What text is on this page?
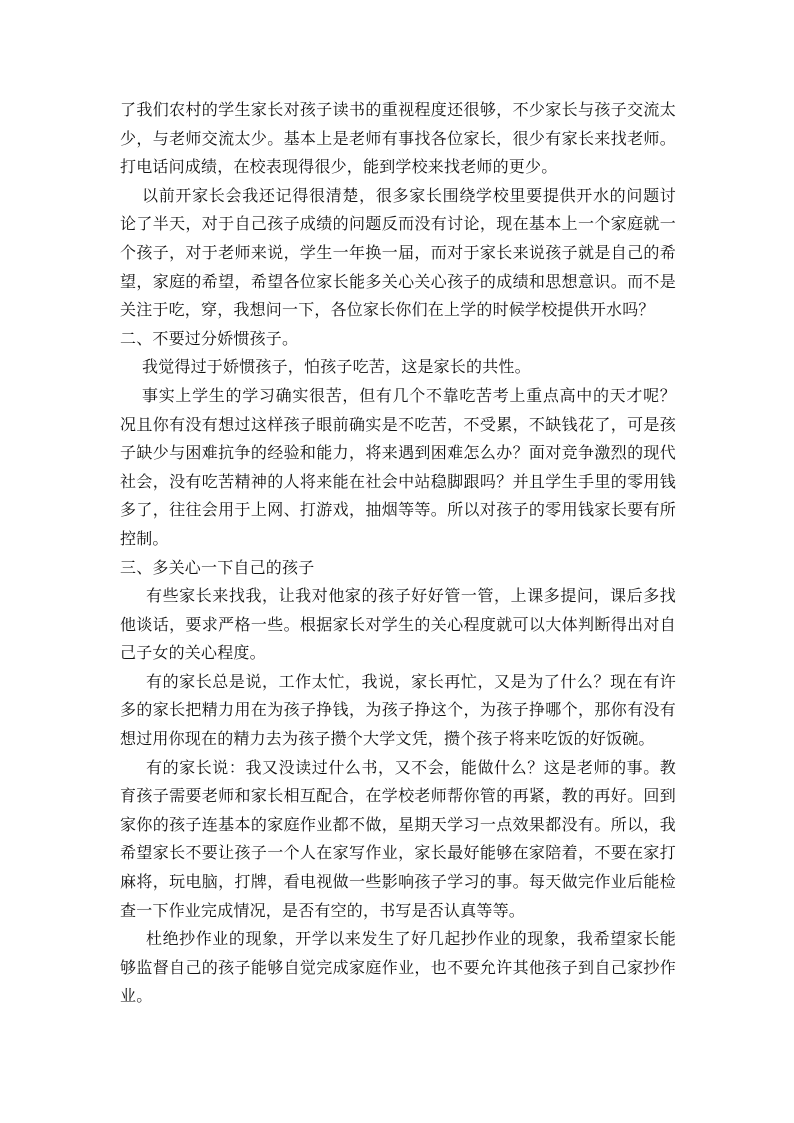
了我们农村的学生家长对孩子读书的重视程度还很够，不少家长与孩子交流太少，与老师交流太少。基本上是老师有事找各位家长，很少有家长来找老师。打电话问成绩，在校表现得很少，能到学校来找老师的更少。

以前开家长会我还记得很清楚，很多家长围绕学校里要提供开水的问题讨论了半天，对于自己孩子成绩的问题反而没有讨论，现在基本上一个家庭就一个孩子，对于老师来说，学生一年换一届，而对于家长来说孩子就是自己的希望，家庭的希望，希望各位家长能多关心关心孩子的成绩和思想意识。而不是关注于吃，穿，我想问一下，各位家长你们在上学的时候学校提供开水吗？

二、不要过分娇惯孩子。

我觉得过于娇惯孩子，怕孩子吃苦，这是家长的共性。

事实上学生的学习确实很苦，但有几个不靠吃苦考上重点高中的天才呢？况且你有没有想过这样孩子眼前确实是不吃苦，不受累，不缺钱花了，可是孩子缺少与困难抗争的经验和能力，将来遇到困难怎么办？面对竞争激烈的现代社会，没有吃苦精神的人将来能在社会中站稳脚跟吗？并且学生手里的零用钱多了，往往会用于上网、打游戏，抽烟等等。所以对孩子的零用钱家长要有所控制。

三、多关心一下自己的孩子

有些家长来找我，让我对他家的孩子好好管一管，上课多提问，课后多找他谈话，要求严格一些。根据家长对学生的关心程度就可以大体判断得出对自己子女的关心程度。

有的家长总是说，工作太忙，我说，家长再忙，又是为了什么？现在有许多的家长把精力用在为孩子挣钱，为孩子挣这个，为孩子挣哪个，那你有没有想过用你现在的精力去为孩子攒个大学文凭，攒个孩子将来吃饭的好饭碗。

有的家长说：我又没读过什么书，又不会，能做什么？这是老师的事。教育孩子需要老师和家长相互配合，在学校老师帮你管的再紧，教的再好。回到家你的孩子连基本的家庭作业都不做，星期天学习一点效果都没有。所以，我希望家长不要让孩子一个人在家写作业，家长最好能够在家陪着，不要在家打麻将，玩电脑，打牌，看电视做一些影响孩子学习的事。每天做完作业后能检查一下作业完成情况，是否有空的，书写是否认真等等。

杜绝抄作业的现象，开学以来发生了好几起抄作业的现象，我希望家长能够监督自己的孩子能够自觉完成家庭作业，也不要允许其他孩子到自己家抄作业。
